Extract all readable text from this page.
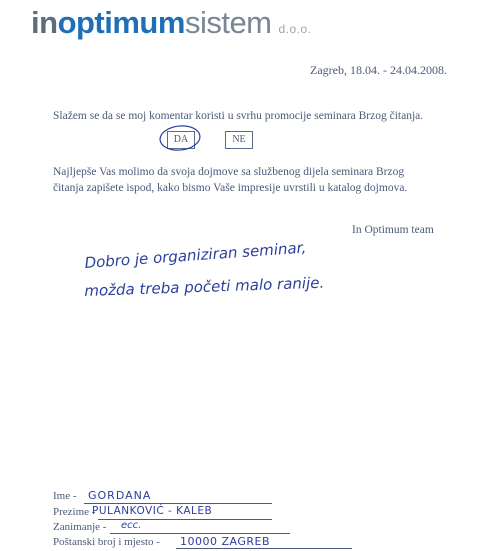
inoptimumsistem d.o.o.
Zagreb, 18.04. - 24.04.2008.
Slažem se da se moj komentar koristi u svrhu promocije seminara Brzog čitanja.
DA	NE
Najljepše Vas molimo da svoja dojmove sa službenog dijela seminara Brzog
čitanja zapišete ispod, kako bismo Vaše impresije uvrstili u katalog dojmova.
In Optimum team
Dobro je organiziran seminar,
možda treba početi malo ranije.
Ime - GORDANA
Prezime -
PULANKOVIĆ - KALEB
Zanimanje - ecc.
Poštanski broj i mjesto - 10000 ZAGREB
